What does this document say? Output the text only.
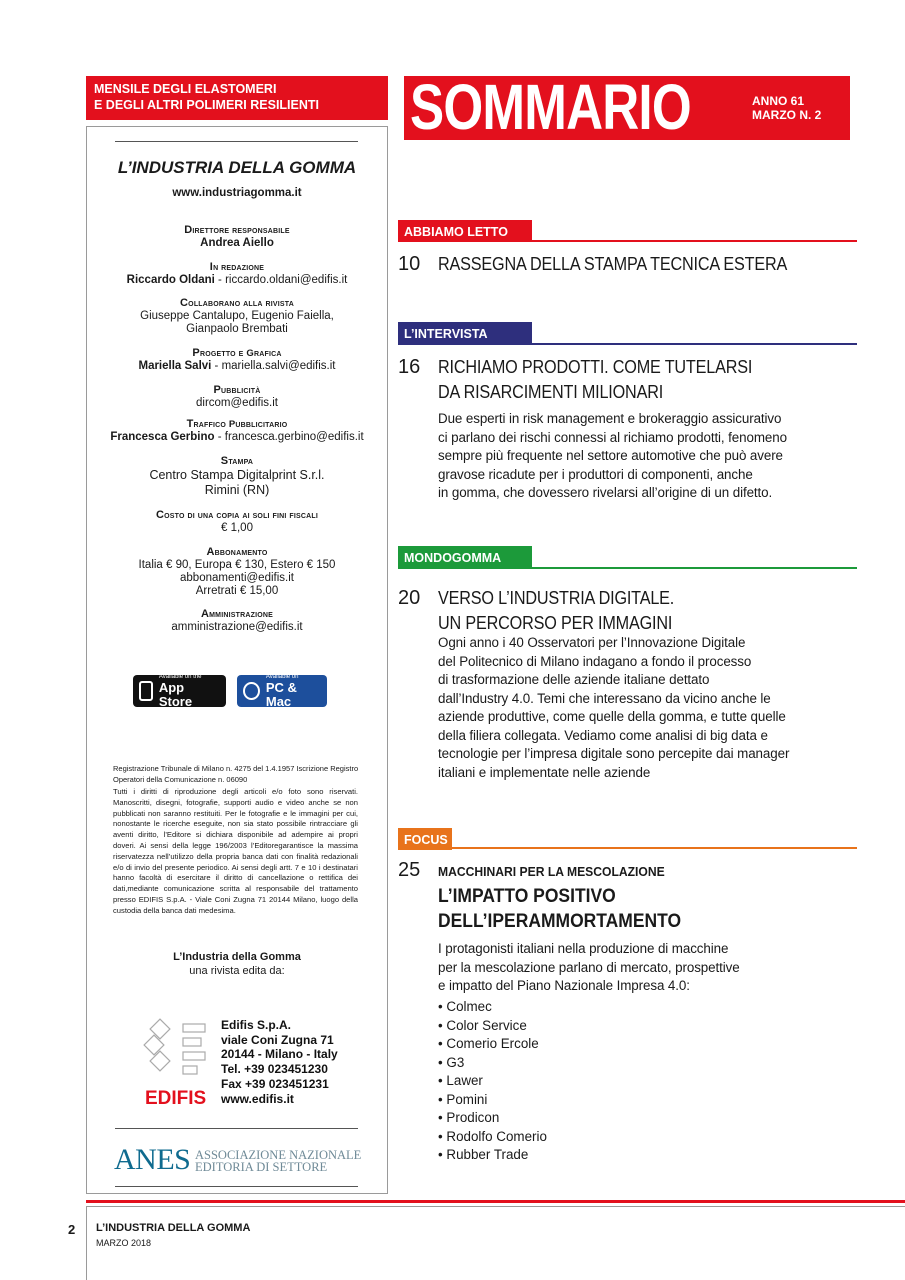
MENSILE DEGLI ELASTOMERI
E DEGLI ALTRI POLIMERI RESILIENTI	SOMMARIO	ANNO 61
MARZO N. 2
L’INDUSTRIA DELLA GOMMA
www.industriagomma.it
Direttore responsabile
Andrea Aiello
In redazione
Riccardo Oldani - riccardo.oldani@edifis.it
Collaborano alla rivista
Giuseppe Cantalupo, Eugenio Faiella,
Gianpaolo Brembati
Progetto e Grafica
Mariella Salvi - mariella.salvi@edifis.it
Pubblicità
dircom@edifis.it
Traffico Pubblicitario
Francesca Gerbino - francesca.gerbino@edifis.it
Stampa
Centro Stampa Digitalprint S.r.l.
Rimini (RN)
Costo di una copia ai soli fini fiscali
€ 1,00
Abbonamento
Italia € 90, Europa € 130, Estero € 150
abbonamenti@edifis.it
Arretrati € 15,00
Amministrazione
amministrazione@edifis.it
Available on the
App Store
Available on
PC & Mac
Registrazione Tribunale di Milano n. 4275 del 1.4.1957 Iscrizione Registro Operatori della Comunicazione n. 06090
Tutti i diritti di riproduzione degli articoli e/o foto sono riservati. Manoscritti, disegni, fotografie, supporti audio e video anche se non pubblicati non saranno restituiti. Per le fotografie e le immagini per cui, nonostante le ricerche eseguite, non sia stato possibile rintracciare gli aventi diritto, l’Editore si dichiara disponibile ad adempire ai propri doveri. Ai sensi della legge 196/2003 l’Editoregarantisce la massima riservatezza nell’utilizzo della propria banca dati con finalità redazionali e/o di invio del presente periodico. Ai sensi degli artt. 7 e 10 i destinatari hanno facoltà di esercitare il diritto di cancellazione o rettifica dei dati,mediante comunicazione scritta al responsabile del trattamento presso EDIFIS S.p.A. - Viale Coni Zugna 71 20144 Milano, luogo della custodia della banca dati medesima.
L’Industria della Gomma
una rivista edita da:
EDIFIS
Edifis S.p.A.
viale Coni Zugna 71
20144 - Milano - Italy
Tel. +39 023451230
Fax +39 023451231
www.edifis.it
ANES ASSOCIAZIONE NAZIONALE
EDITORIA DI SETTORE
ABBIAMO LETTO
10 RASSEGNA DELLA STAMPA TECNICA ESTERA
L’INTERVISTA
16 RICHIAMO PRODOTTI. COME TUTELARSI
DA RISARCIMENTI MILIONARI
Due esperti in risk management e brokeraggio assicurativo
ci parlano dei rischi connessi al richiamo prodotti, fenomeno
sempre più frequente nel settore automotive che può avere
gravose ricadute per i produttori di componenti, anche
in gomma, che dovessero rivelarsi all’origine di un difetto.
MONDOGOMMA
20 VERSO L’INDUSTRIA DIGITALE.
UN PERCORSO PER IMMAGINI
Ogni anno i 40 Osservatori per l’Innovazione Digitale
del Politecnico di Milano indagano a fondo il processo
di trasformazione delle aziende italiane dettato
dall’Industry 4.0. Temi che interessano da vicino anche le
aziende produttive, come quelle della gomma, e tutte quelle
della filiera collegata. Vediamo come analisi di big data e
tecnologie per l’impresa digitale sono percepite dai manager
italiani e implementate nelle aziende
FOCUS
25
I protagonisti italiani nella produzione di macchine
per la mescolazione parlano di mercato, prospettive
e impatto del Piano Nazionale Impresa 4.0:
MACCHINARI PER LA MESCOLAZIONE
L’IMPATTO POSITIVO
DELL’IPERAMMORTAMENTO
• Colmec
• Color Service
• Comerio Ercole
• G3
• Lawer
• Pomini
• Prodicon
• Rodolfo Comerio
• Rubber Trade
2 L’INDUSTRIA DELLA GOMMA
MARZO 2018
